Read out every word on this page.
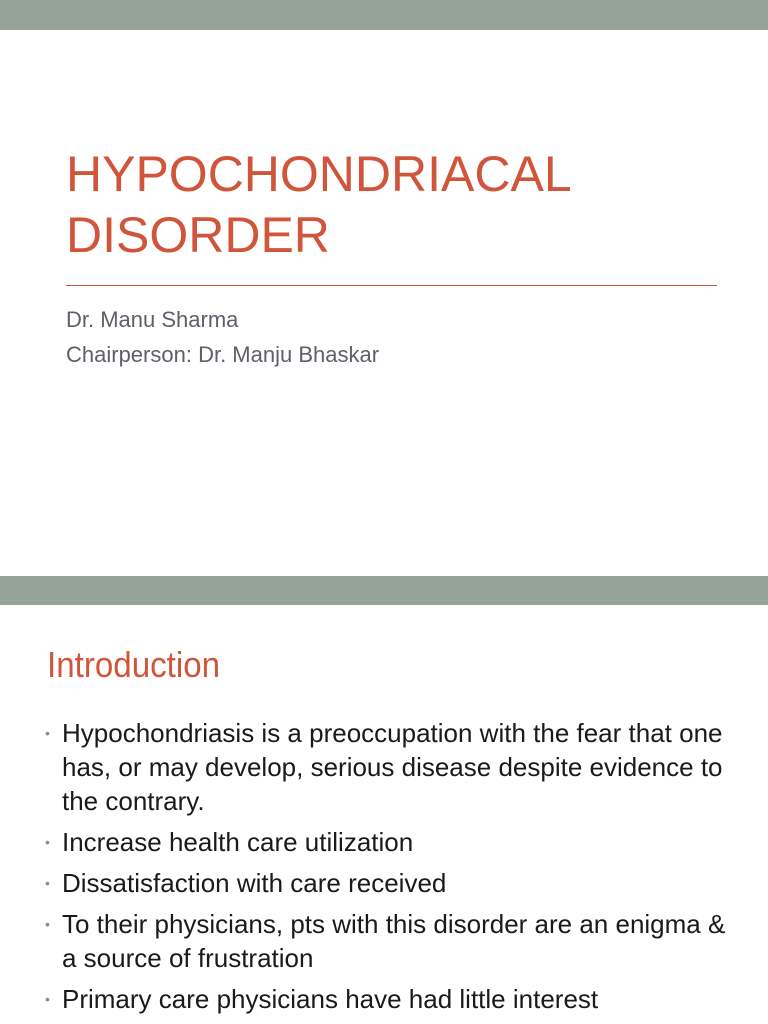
HYPOCHONDRIACAL
DISORDER
Dr. Manu Sharma
Chairperson: Dr. Manju Bhaskar
Introduction
• Hypochondriasis is a preoccupation with the fear that one has, or may develop, serious disease despite evidence to the contrary.
• Increase health care utilization
• Dissatisfaction with care received
• To their physicians, pts with this disorder are an enigma & a source of frustration
• Primary care physicians have had little interest
